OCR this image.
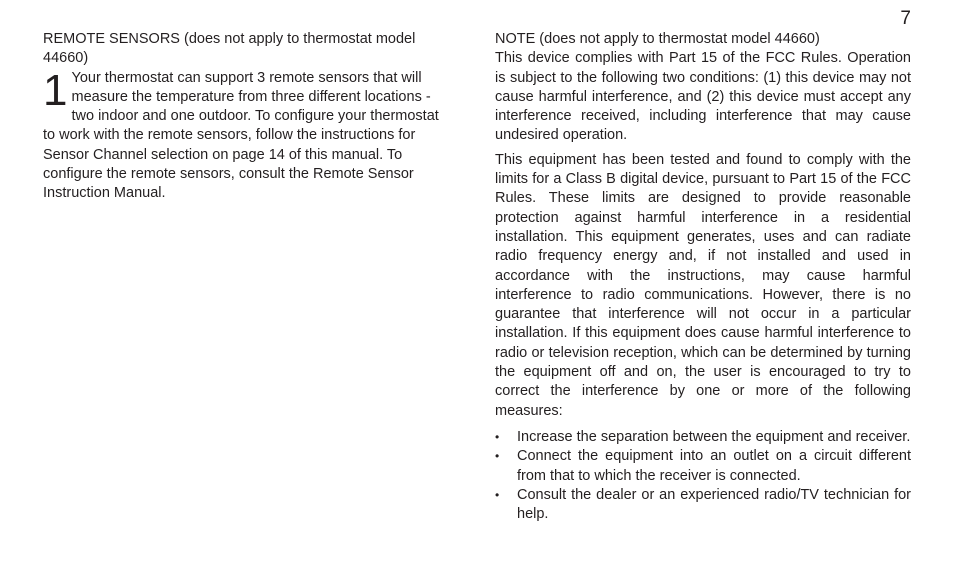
7

REMOTE SENSORS (does not apply to thermostat model 44660)

1 Your thermostat can support 3 remote sensors that will measure the temperature from three different locations - two indoor and one outdoor. To configure your thermostat to work with the remote sensors, follow the instructions for Sensor Channel selection on page 14 of this manual. To configure the remote sensors, consult the Remote Sensor Instruction Manual.

NOTE (does not apply to thermostat model 44660)

This device complies with Part 15 of the FCC Rules. Operation is subject to the following two conditions: (1) this device may not cause harmful interference, and (2) this device must accept any interference received, including interference that may cause undesired operation.

This equipment has been tested and found to comply with the limits for a Class B digital device, pursuant to Part 15 of the FCC Rules. These limits are designed to provide reasonable protection against harmful interference in a residential installation. This equipment generates, uses and can radiate radio frequency energy and, if not installed and used in accordance with the instructions, may cause harmful interference to radio communications. However, there is no guarantee that interference will not occur in a particular installation. If this equipment does cause harmful interference to radio or television reception, which can be determined by turning the equipment off and on, the user is encouraged to try to correct the interference by one or more of the following measures:

• Increase the separation between the equipment and receiver.
• Connect the equipment into an outlet on a circuit different from that to which the receiver is connected.
• Consult the dealer or an experienced radio/TV technician for help.
